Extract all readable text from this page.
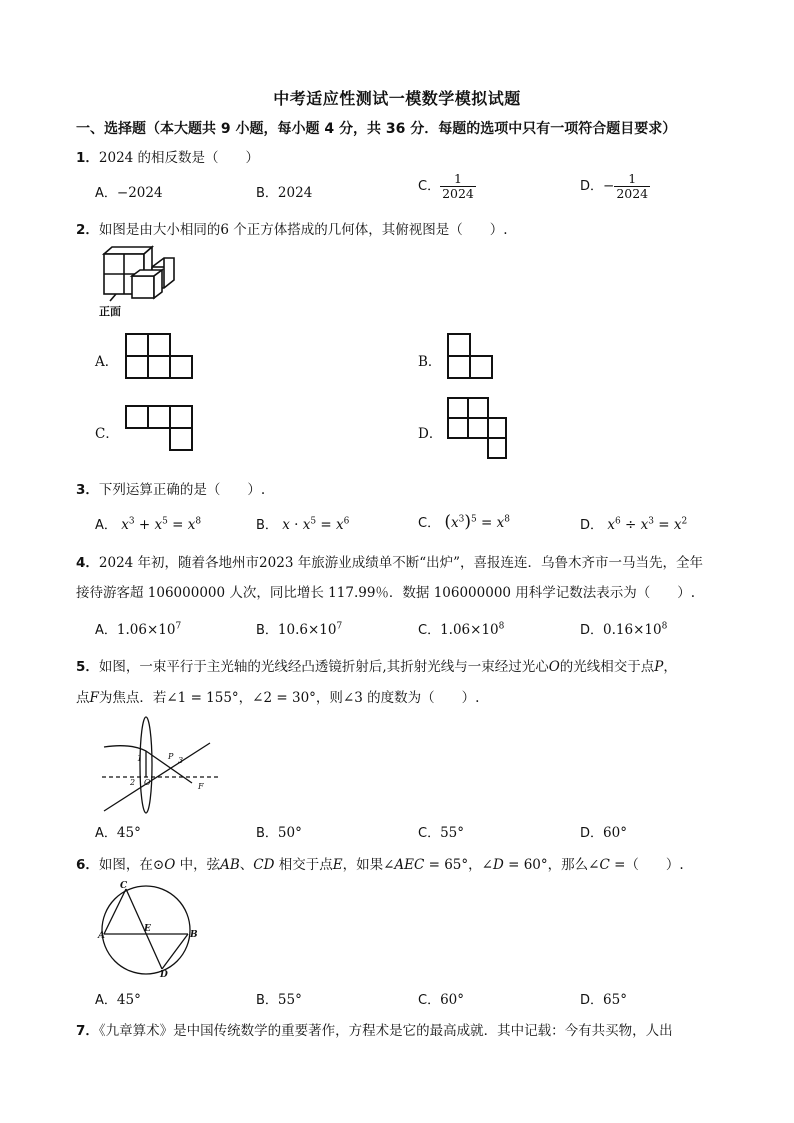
中考适应性测试一模数学模拟试题
一、选择题（本大题共 9 小题，每小题 4 分，共 36 分．每题的选项中只有一项符合题目要求）
1．2024 的相反数是（　　）
A．−2024	B．2024	C． $\frac{1}{2024}$	D．− $\frac{1}{2024}$
2．如图是由大小相同的6 个正方体搭成的几何体，其俯视图是（　　）.
正面
A．	B．
C．	D．
3．下列运算正确的是（　　）.
A． $x^3 + x^5 = x^8$	B． $x \cdot x^5 = x^6$	C． $(x^3)^5 = x^8$	D． $x^6 \div x^3 = x^2$
4．2024 年初，随着各地州市2023 年旅游业成绩单不断“出炉”，喜报连连．乌鲁木齐市一马当先，全年
接待游客超 106000000 人次，同比增长 117.99％．数据 106000000 用科学记数法表示为（　　）.
A．$1.06\times 10^7$	B．$10.6\times 10^7$	C．$1.06\times 10^8$	D．$0.16\times 10^8$
5．如图，一束平行于主光轴的光线经凸透镜折射后,其折射光线与一束经过光心O的光线相交于点P，
点F为焦点．若∠1 = 155°，∠2 = 30°，则∠3 的度数为（　　）.
P 3
1
2 O	F
A．45°	B．50°	C．55°	D．60°
6．如图，在⊙O 中，弦AB、CD 相交于点E，如果∠AEC = 65°，∠D = 60°，那么∠C =（　　）.
C
A
E
B
D
A．45°	B．55°	C．60°	D．65°
7．《九章算术》是中国传统数学的重要著作，方程术是它的最高成就．其中记载：今有共买物，人出
